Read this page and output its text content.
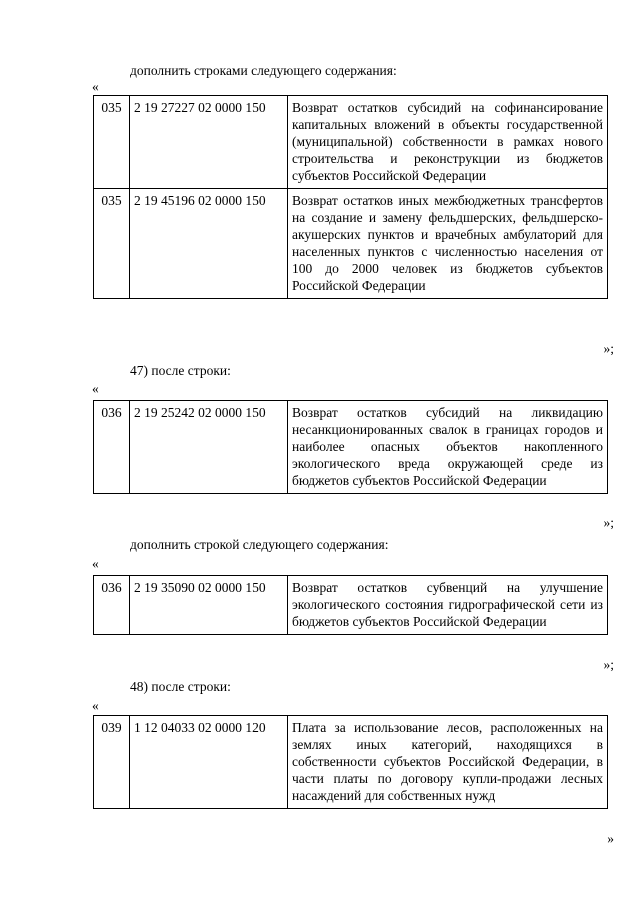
дополнить строками следующего содержания:
«
035	2 19 27227 02 0000 150	Возврат остатков субсидий на софинансирование капитальных вложений в объекты государственной (муниципальной) собственности в рамках нового строительства и реконструкции из бюджетов субъектов Российской Федерации
035	2 19 45196 02 0000 150	Возврат остатков иных межбюджетных трансфертов на создание и замену фельдшерских, фельдшерско-акушерских пунктов и врачебных амбулаторий для населенных пунктов с численностью населения от 100 до 2000 человек из бюджетов субъектов Российской Федерации
»;
47) после строки:
«
036	2 19 25242 02 0000 150	Возврат остатков субсидий на ликвидацию несанкционированных свалок в границах городов и наиболее опасных объектов накопленного экологического вреда окружающей среде из бюджетов субъектов Российской Федерации
»;
дополнить строкой следующего содержания:
«
036	2 19 35090 02 0000 150	Возврат остатков субвенций на улучшение экологического состояния гидрографической сети из бюджетов субъектов Российской Федерации
»;
48) после строки:
«
039	1 12 04033 02 0000 120	Плата за использование лесов, расположенных на землях иных категорий, находящихся в собственности субъектов Российской Федерации, в части платы по договору купли-продажи лесных насаждений для собственных нужд
»
